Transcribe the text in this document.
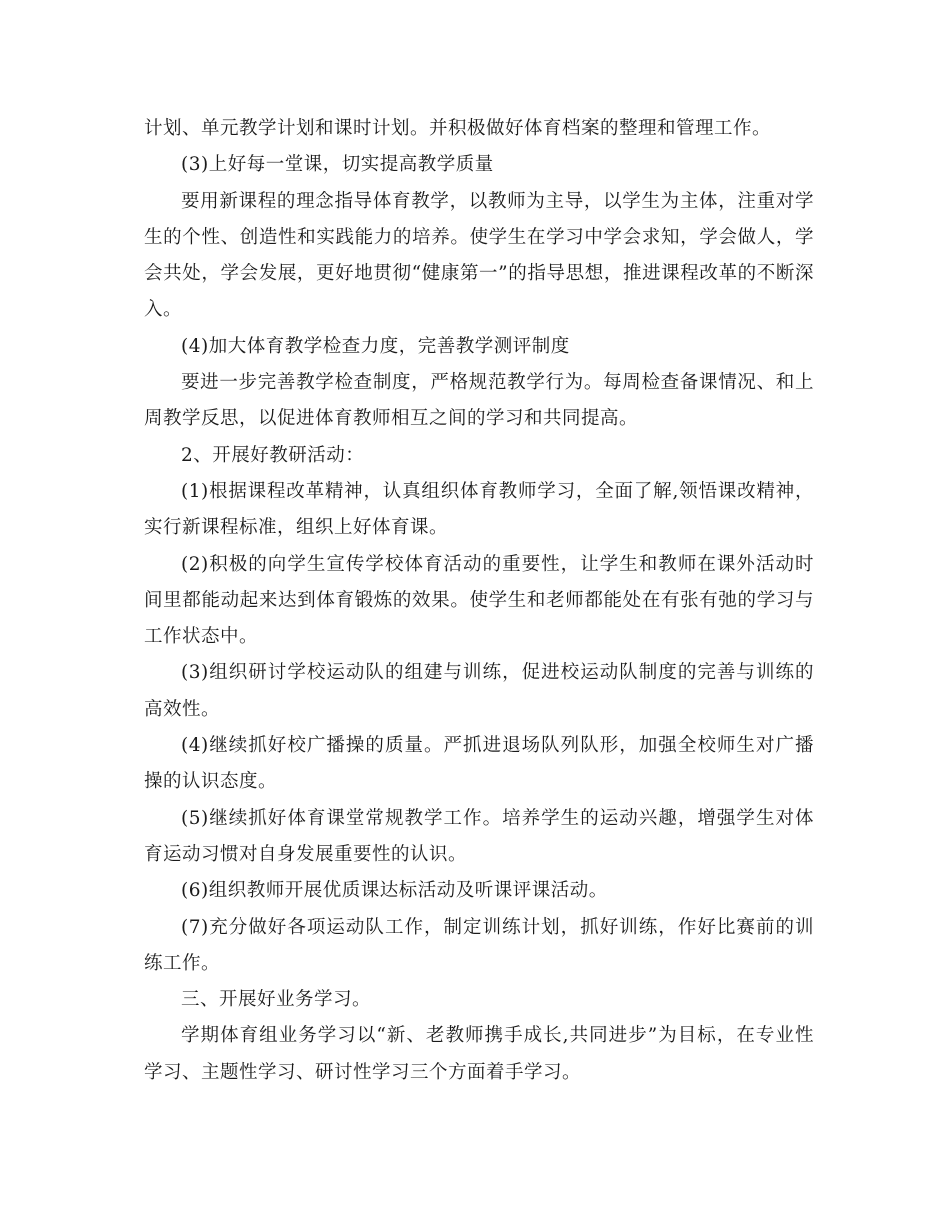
计划、单元教学计划和课时计划。并积极做好体育档案的整理和管理工作。

(3)上好每一堂课，切实提高教学质量

要用新课程的理念指导体育教学，以教师为主导，以学生为主体，注重对学生的个性、创造性和实践能力的培养。使学生在学习中学会求知，学会做人，学会共处，学会发展，更好地贯彻“健康第一”的指导思想，推进课程改革的不断深入。

(4)加大体育教学检查力度，完善教学测评制度

要进一步完善教学检查制度，严格规范教学行为。每周检查备课情况、和上周教学反思，以促进体育教师相互之间的学习和共同提高。

2、开展好教研活动：

(1)根据课程改革精神，认真组织体育教师学习，全面了解,领悟课改精神，实行新课程标准，组织上好体育课。

(2)积极的向学生宣传学校体育活动的重要性，让学生和教师在课外活动时间里都能动起来达到体育锻炼的效果。使学生和老师都能处在有张有弛的学习与工作状态中。

(3)组织研讨学校运动队的组建与训练，促进校运动队制度的完善与训练的高效性。

(4)继续抓好校广播操的质量。严抓进退场队列队形，加强全校师生对广播操的认识态度。

(5)继续抓好体育课堂常规教学工作。培养学生的运动兴趣，增强学生对体育运动习惯对自身发展重要性的认识。

(6)组织教师开展优质课达标活动及听课评课活动。

(7)充分做好各项运动队工作，制定训练计划，抓好训练，作好比赛前的训练工作。

三、开展好业务学习。

学期体育组业务学习以“新、老教师携手成长,共同进步”为目标，在专业性学习、主题性学习、研讨性学习三个方面着手学习。
